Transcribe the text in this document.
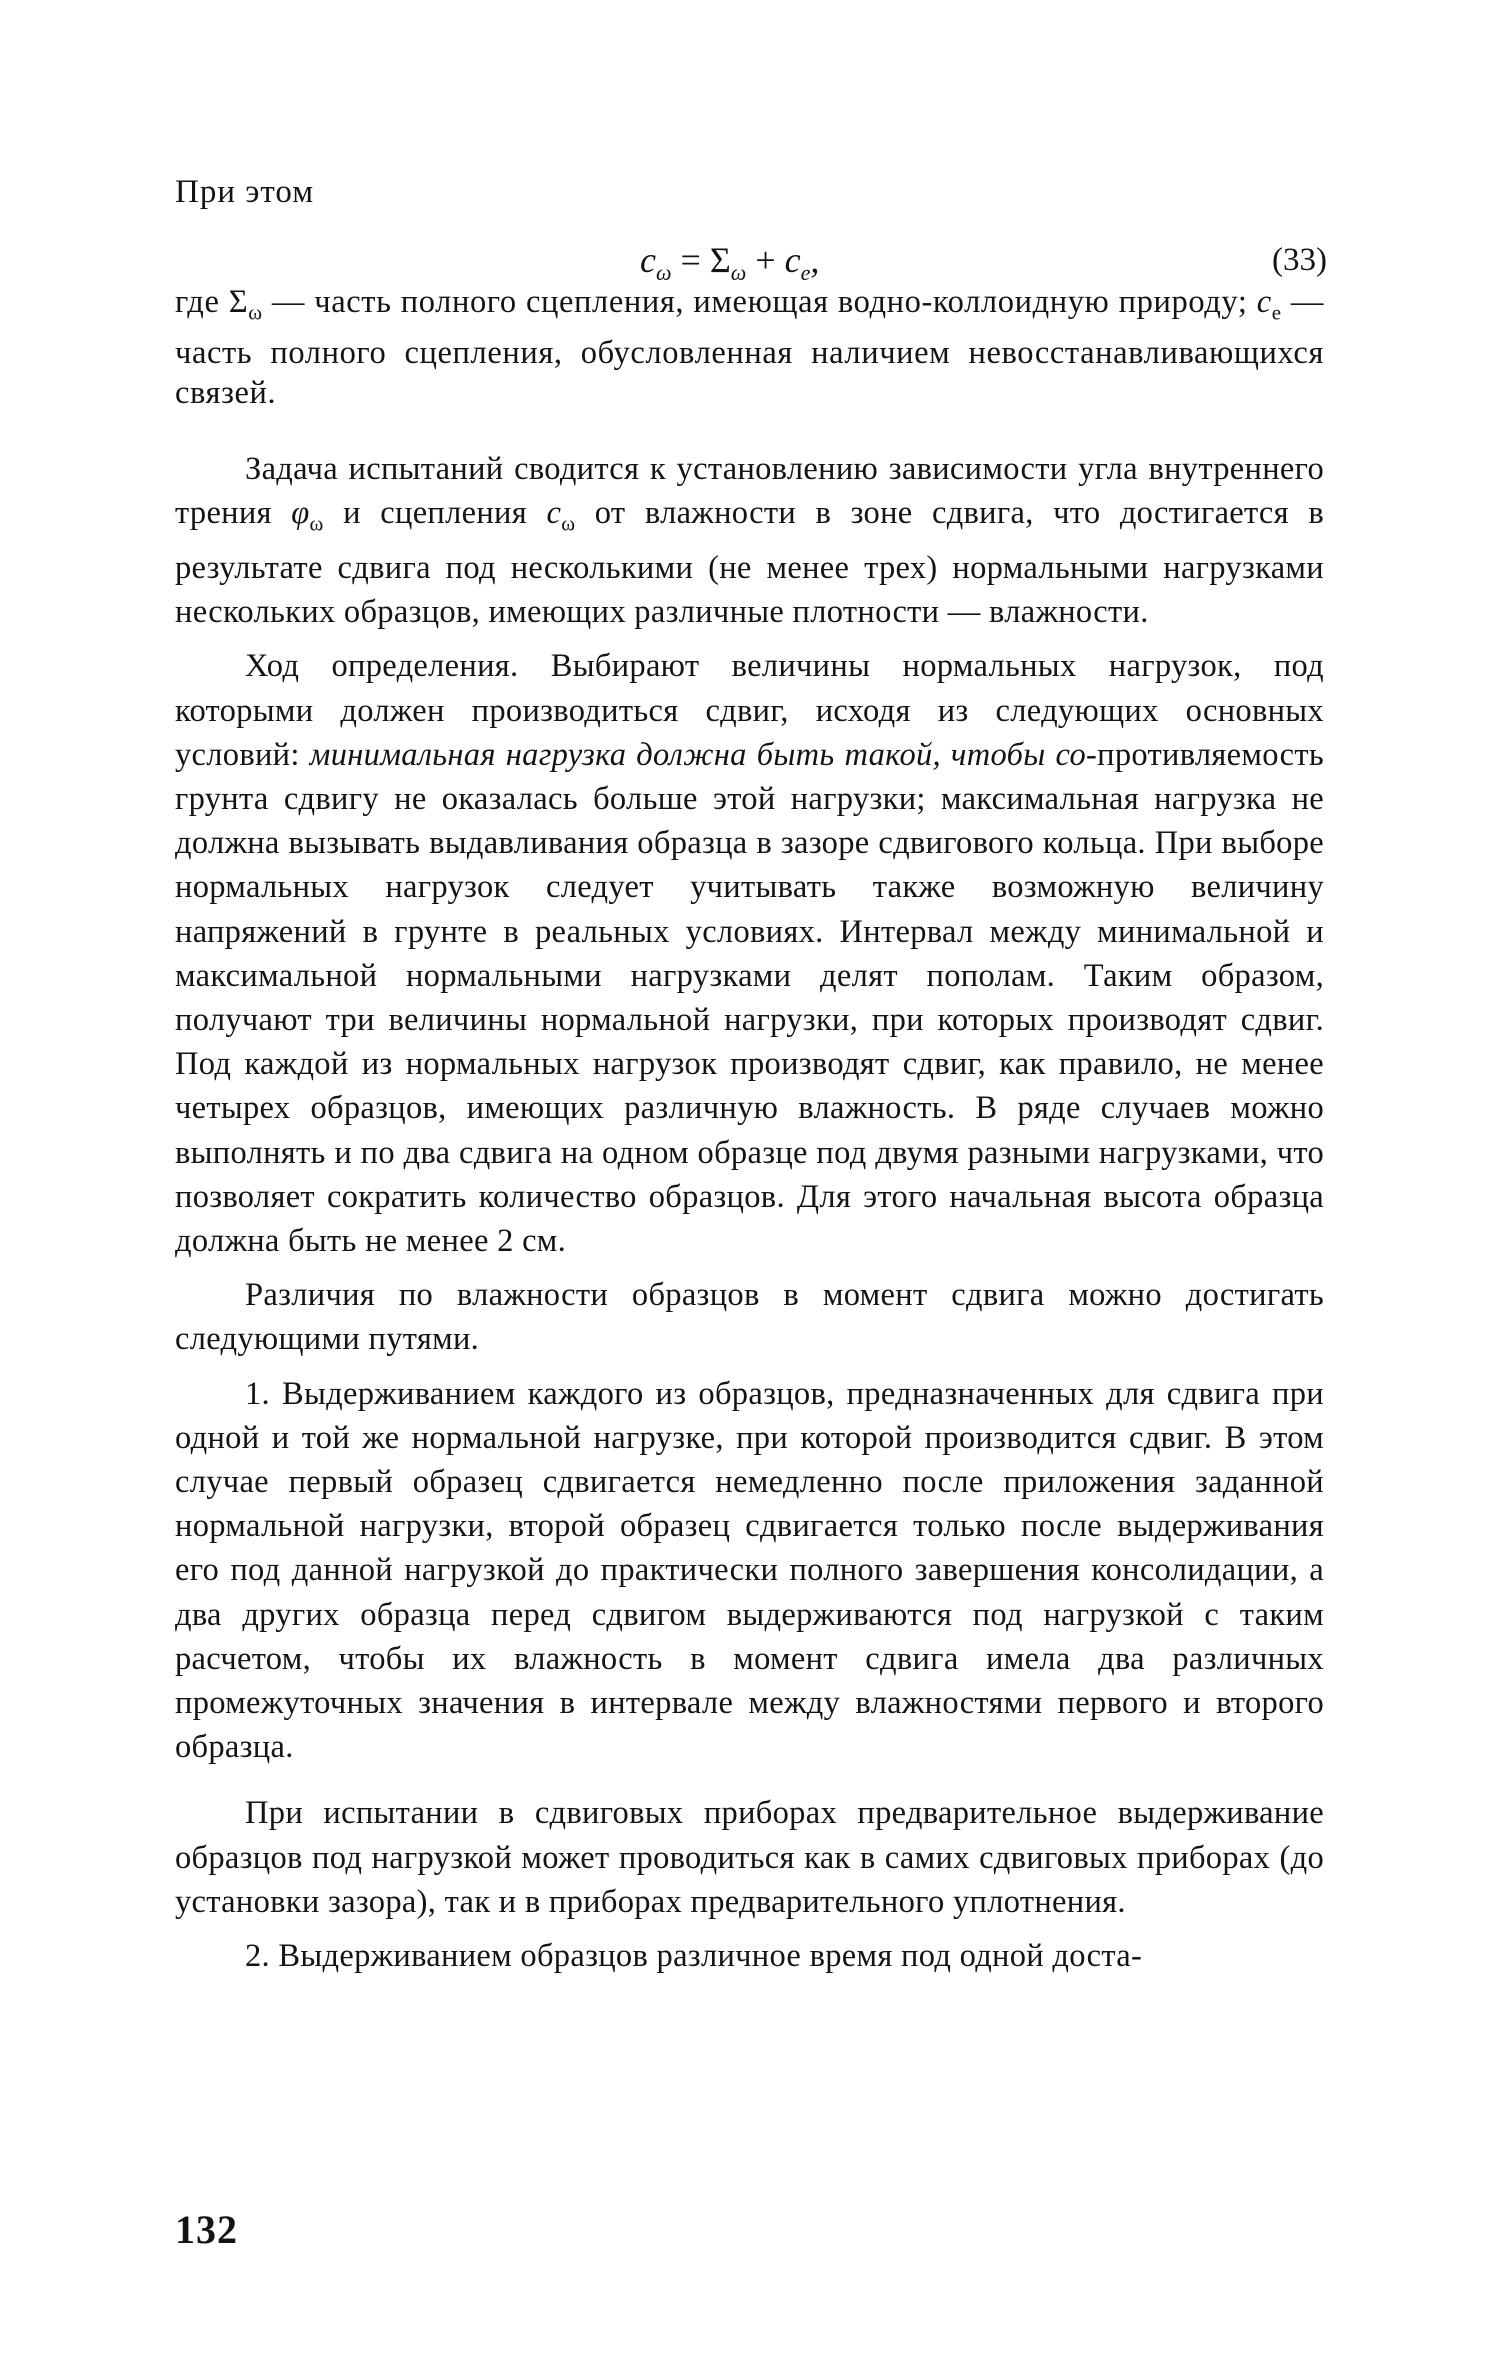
При этом
$c_\omega = \Sigma_\omega + c_e$,	(33)

где $\Sigma_\omega$ — часть полного сцепления, имеющая водно-коллоидную природу; $c_e$ — часть полного сцепления, обусловленная наличием невосстанавливающихся связей.

Задача испытаний сводится к установлению зависимости угла внутреннего трения $\varphi_\omega$ и сцепления $c_\omega$ от влажности в зоне сдвига, что достигается в результате сдвига под несколькими (не менее трех) нормальными нагрузками нескольких образцов, имеющих различные плотности — влажности.

Ход определения. Выбирают величины нормальных нагрузок, под которыми должен производиться сдвиг, исходя из следующих основных условий: минимальная нагрузка должна быть такой, чтобы со-противляемость грунта сдвигу не оказалась больше этой нагрузки; максимальная нагрузка не должна вызывать выдавливания образца в зазоре сдвигового кольца. При выборе нормальных нагрузок следует учитывать также возможную величину напряжений в грунте в реальных условиях. Интервал между минимальной и максимальной нормальными нагрузками делят пополам. Таким образом, получают три величины нормальной нагрузки, при которых производят сдвиг. Под каждой из нормальных нагрузок производят сдвиг, как правило, не менее четырех образцов, имеющих различную влажность. В ряде случаев можно выполнять и по два сдвига на одном образце под двумя разными нагрузками, что позволяет сократить количество образцов. Для этого начальная высота образца должна быть не менее 2 см.

Различия по влажности образцов в момент сдвига можно достигать следующими путями.

1. Выдерживанием каждого из образцов, предназначенных для сдвига при одной и той же нормальной нагрузке, при которой производится сдвиг. В этом случае первый образец сдвигается немедленно после приложения заданной нормальной нагрузки, второй образец сдвигается только после выдерживания его под данной нагрузкой до практически полного завершения консолидации, а два других образца перед сдвигом выдерживаются под нагрузкой с таким расчетом, чтобы их влажность в момент сдвига имела два различных промежуточных значения в интервале между влажностями первого и второго образца.

При испытании в сдвиговых приборах предварительное выдерживание образцов под нагрузкой может проводиться как в самих сдвиговых приборах (до установки зазора), так и в приборах предварительного уплотнения.

2. Выдерживанием образцов различное время под одной доста-

132
